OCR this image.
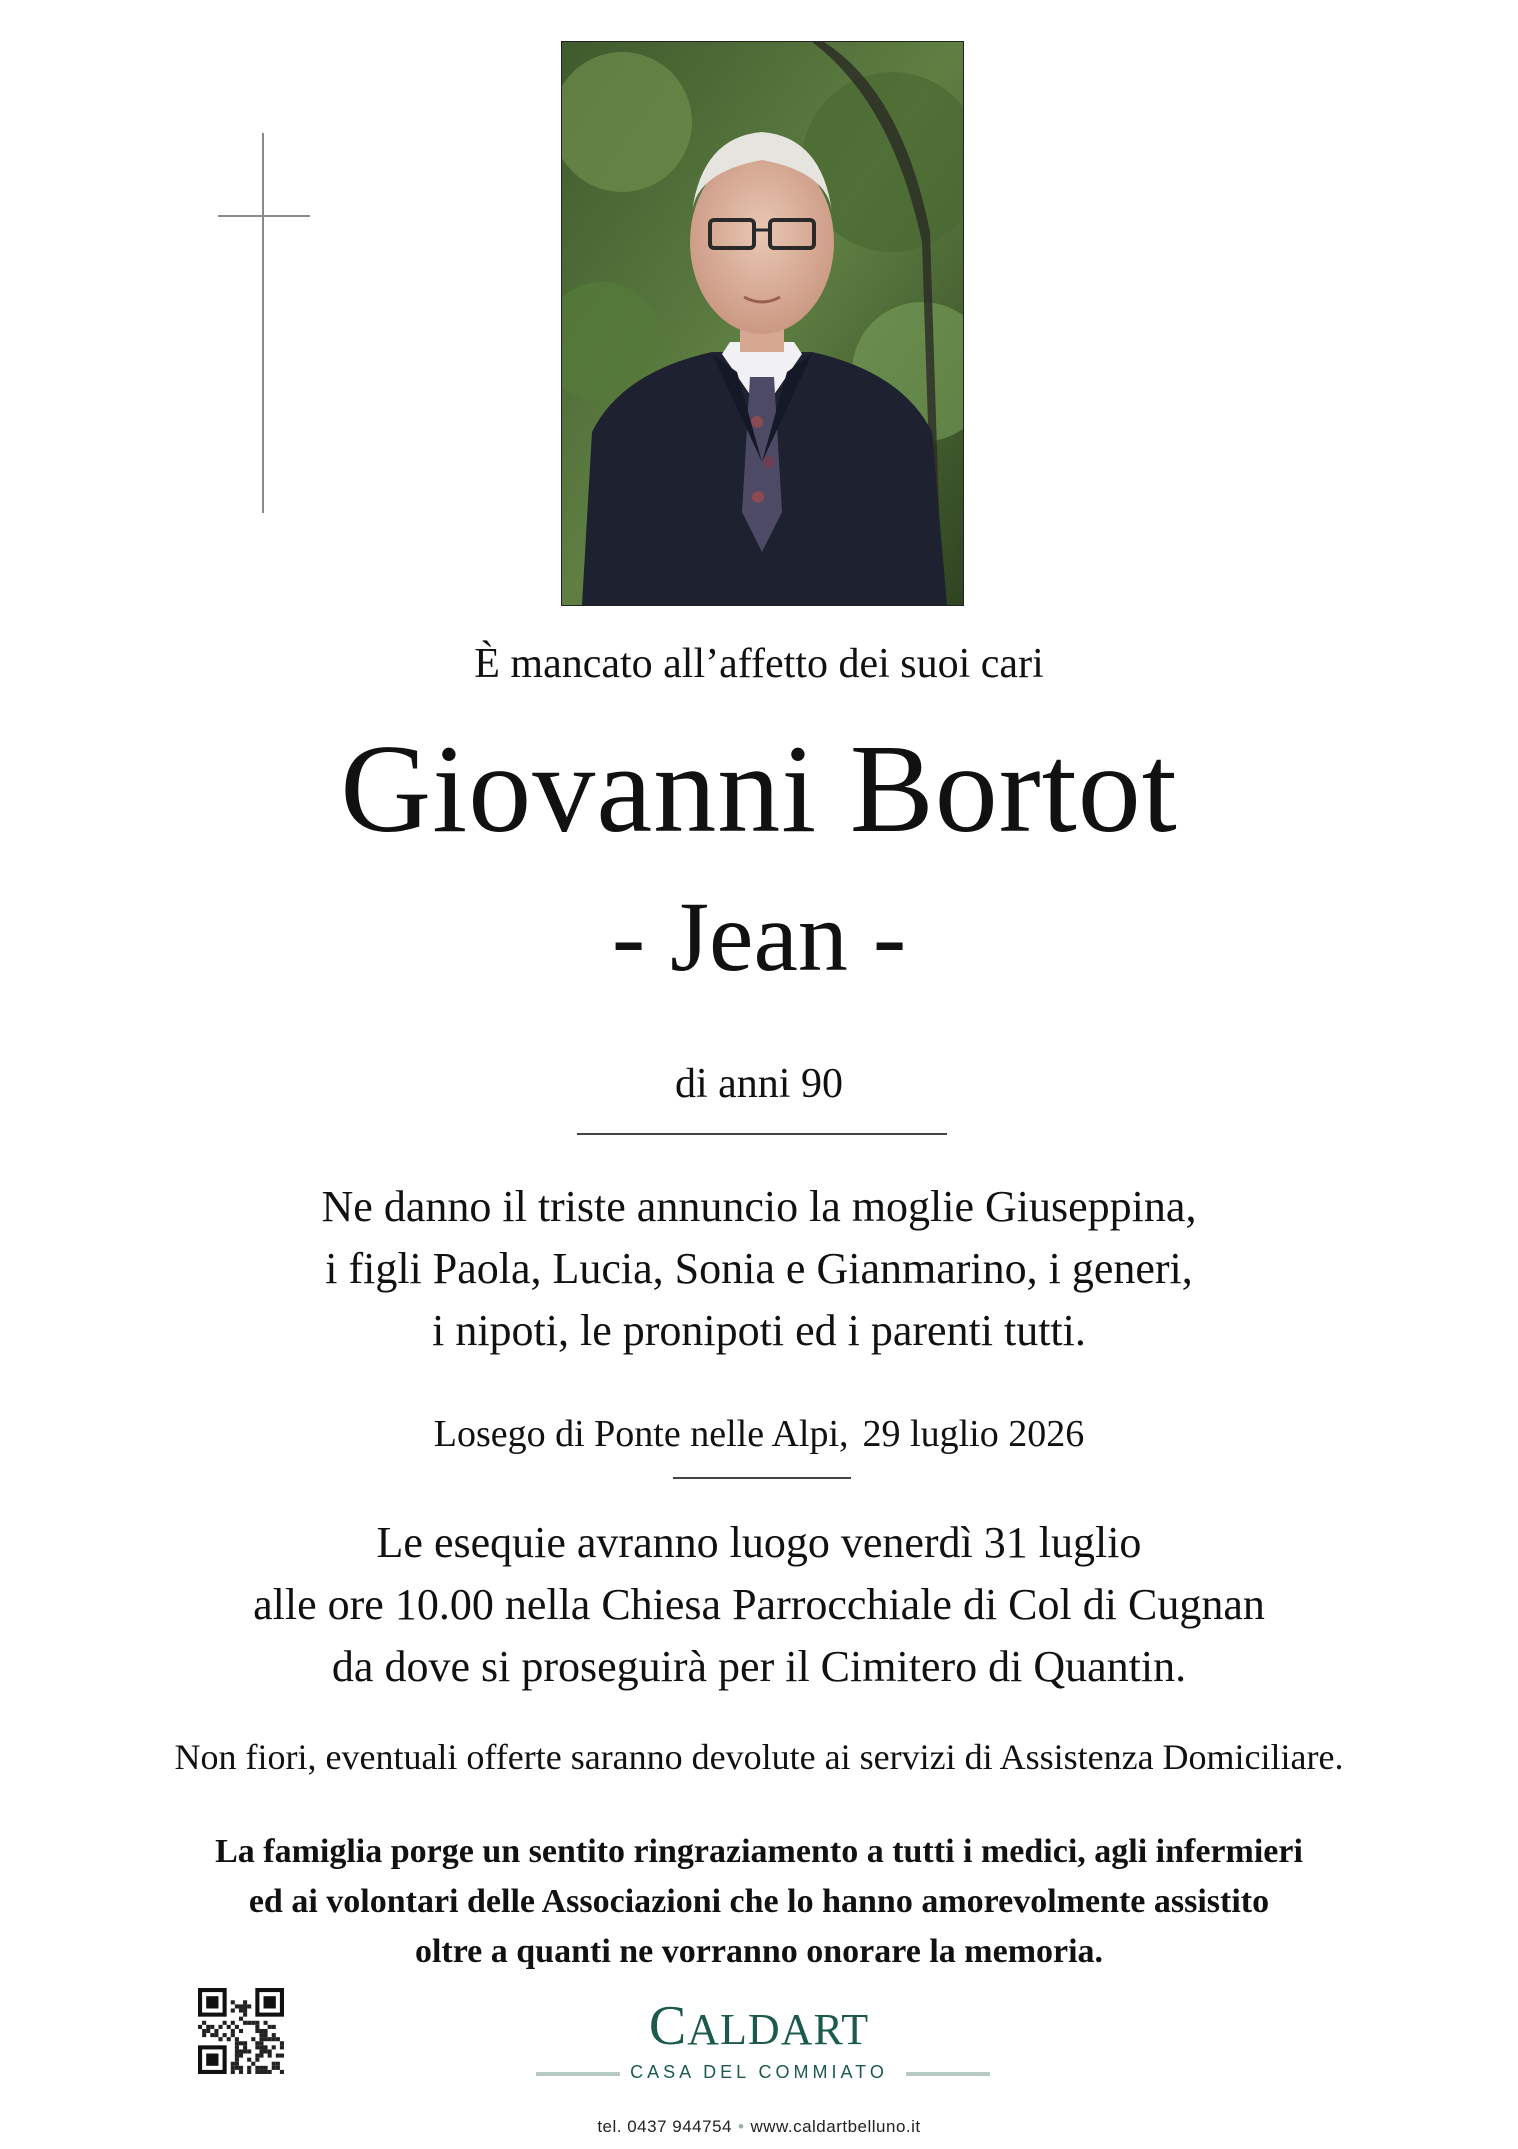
È mancato all’affetto dei suoi cari
Giovanni Bortot
- Jean -
di anni 90
Ne danno il triste annuncio la moglie Giuseppina,
i figli Paola, Lucia, Sonia e Gianmarino, i generi,
i nipoti, le pronipoti ed i parenti tutti.
Losego di Ponte nelle Alpi, 29 luglio 2026
Le esequie avranno luogo venerdì 31 luglio
alle ore 10.00 nella Chiesa Parrocchiale di Col di Cugnan
da dove si proseguirà per il Cimitero di Quantin.
Non fiori, eventuali offerte saranno devolute ai servizi di Assistenza Domiciliare.
La famiglia porge un sentito ringraziamento a tutti i medici, agli infermieri
ed ai volontari delle Associazioni che lo hanno amorevolmente assistito
oltre a quanti ne vorranno onorare la memoria.
CALDART
CASA DEL COMMIATO
tel. 0437 944754 • www.caldartbelluno.it
